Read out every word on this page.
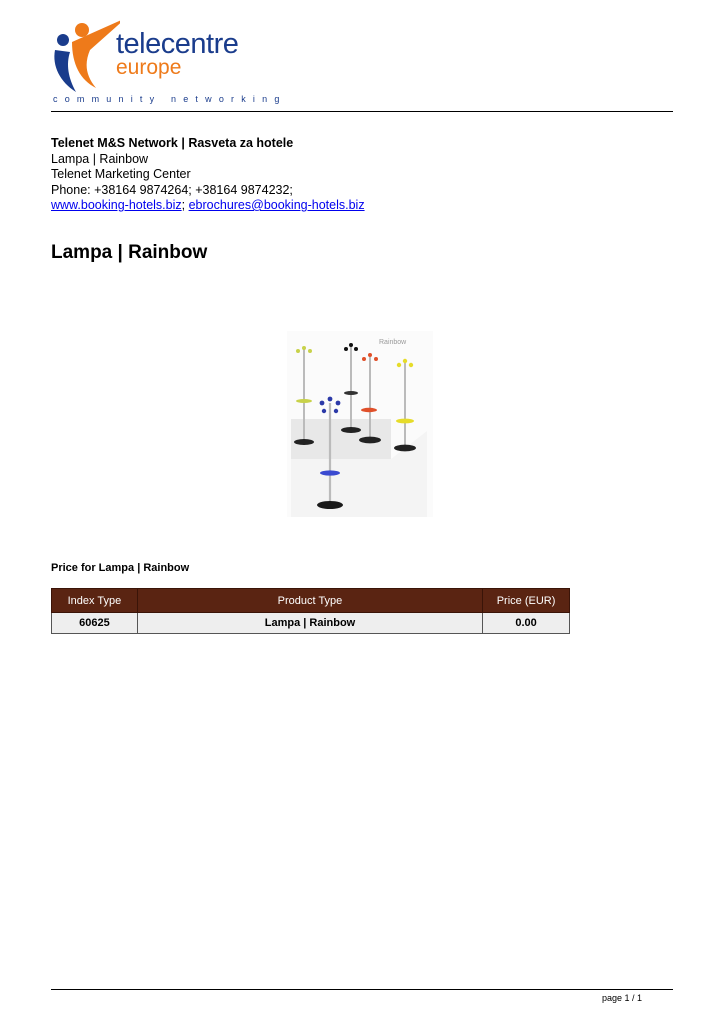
telecentre
europe
community networking
Telenet M&S Network | Rasveta za hotele
Lampa | Rainbow
Telenet Marketing Center
Phone: +38164 9874264; +38164 9874232;
www.booking-hotels.biz; ebrochures@booking-hotels.biz
Lampa | Rainbow
Rainbow
Price for Lampa | Rainbow
Index Type	Product Type	Price (EUR)
60625	Lampa | Rainbow	0.00
page 1 / 1
